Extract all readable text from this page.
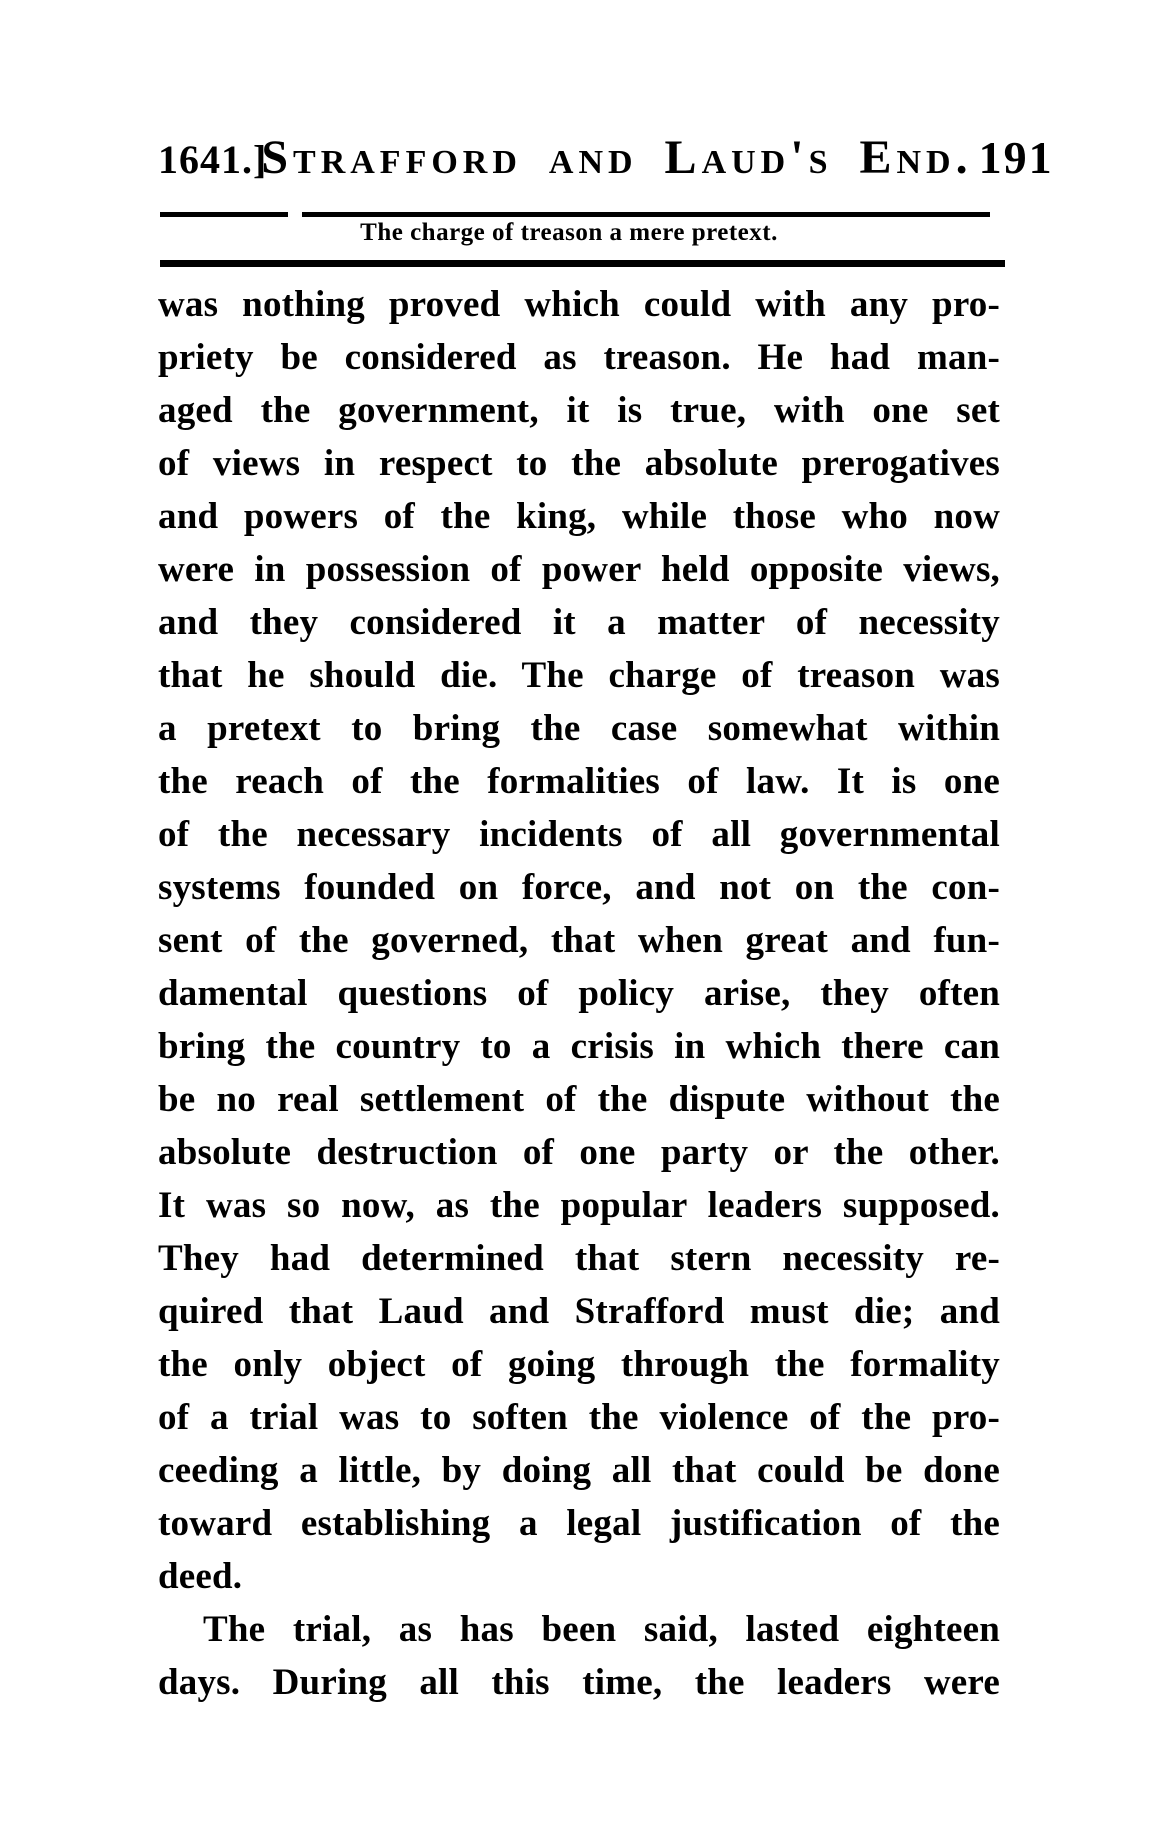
1641.]
Strafford and Laud's End. 191
The charge of treason a mere pretext.
was nothing proved which could with any pro-
priety be considered as treason. He had man-
aged the government, it is true, with one set
of views in respect to the absolute prerogatives
and powers of the king, while those who now
were in possession of power held opposite views,
and they considered it a matter of necessity
that he should die. The charge of treason was
a pretext to bring the case somewhat within
the reach of the formalities of law. It is one
of the necessary incidents of all governmental
systems founded on force, and not on the con-
sent of the governed, that when great and fun-
damental questions of policy arise, they often
bring the country to a crisis in which there can
be no real settlement of the dispute without the
absolute destruction of one party or the other.
It was so now, as the popular leaders supposed.
They had determined that stern necessity re-
quired that Laud and Strafford must die; and
the only object of going through the formality
of a trial was to soften the violence of the pro-
ceeding a little, by doing all that could be done
toward establishing a legal justification of the
deed.
The trial, as has been said, lasted eighteen
days. During all this time, the leaders were
